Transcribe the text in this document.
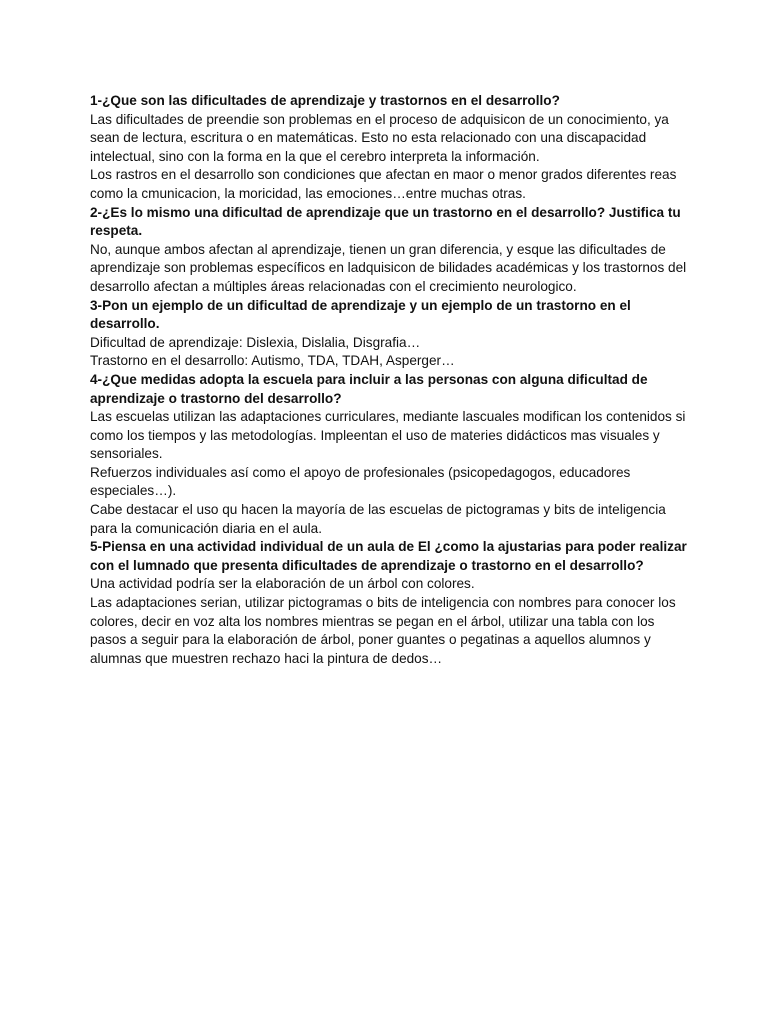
1-¿Que son las dificultades de aprendizaje y trastornos en el desarrollo?

Las dificultades de preendie son problemas en el proceso de adquisicon de un conocimiento, ya sean de lectura, escritura o en matemáticas. Esto no esta relacionado con una discapacidad intelectual, sino con la forma en la que el cerebro interpreta la información.

Los rastros en el desarrollo son condiciones que afectan en maor o menor grados diferentes reas como la cmunicacion, la moricidad, las emociones…entre muchas otras.

2-¿Es lo mismo una dificultad de aprendizaje que un trastorno en el desarrollo? Justifica tu respeta.

No, aunque ambos afectan al aprendizaje, tienen un gran diferencia, y esque las dificultades de aprendizaje son problemas específicos en ladquisicon de bilidades académicas y los trastornos del desarrollo afectan a múltiples áreas relacionadas con el crecimiento neurologico.

3-Pon un ejemplo de un dificultad de aprendizaje y un ejemplo de un trastorno en el desarrollo.

Dificultad de aprendizaje: Dislexia, Dislalia, Disgrafia…

Trastorno en el desarrollo: Autismo, TDA, TDAH, Asperger…

4-¿Que medidas adopta la escuela para incluir a las personas con alguna dificultad de aprendizaje o trastorno del desarrollo?

Las escuelas utilizan las adaptaciones curriculares, mediante lascuales modifican los contenidos si como los tiempos y las metodologías. Impleentan el uso de materies didácticos mas visuales y sensoriales.

Refuerzos individuales así como el apoyo de profesionales (psicopedagogos, educadores especiales…).

Cabe destacar el uso qu hacen la mayoría de las escuelas de pictogramas y bits de inteligencia para la comunicación diaria en el aula.

5-Piensa en una actividad individual de un aula de El ¿como la ajustarias para poder realizar con el lumnado que presenta dificultades de aprendizaje o trastorno en el desarrollo?

Una actividad podría ser la elaboración de un árbol con colores.

Las adaptaciones serian, utilizar pictogramas o bits de inteligencia con nombres para conocer los colores, decir en voz alta los nombres mientras se pegan en el árbol, utilizar una tabla con los pasos a seguir para la elaboración de árbol, poner guantes o pegatinas a aquellos alumnos y alumnas que muestren rechazo haci la pintura de dedos…
